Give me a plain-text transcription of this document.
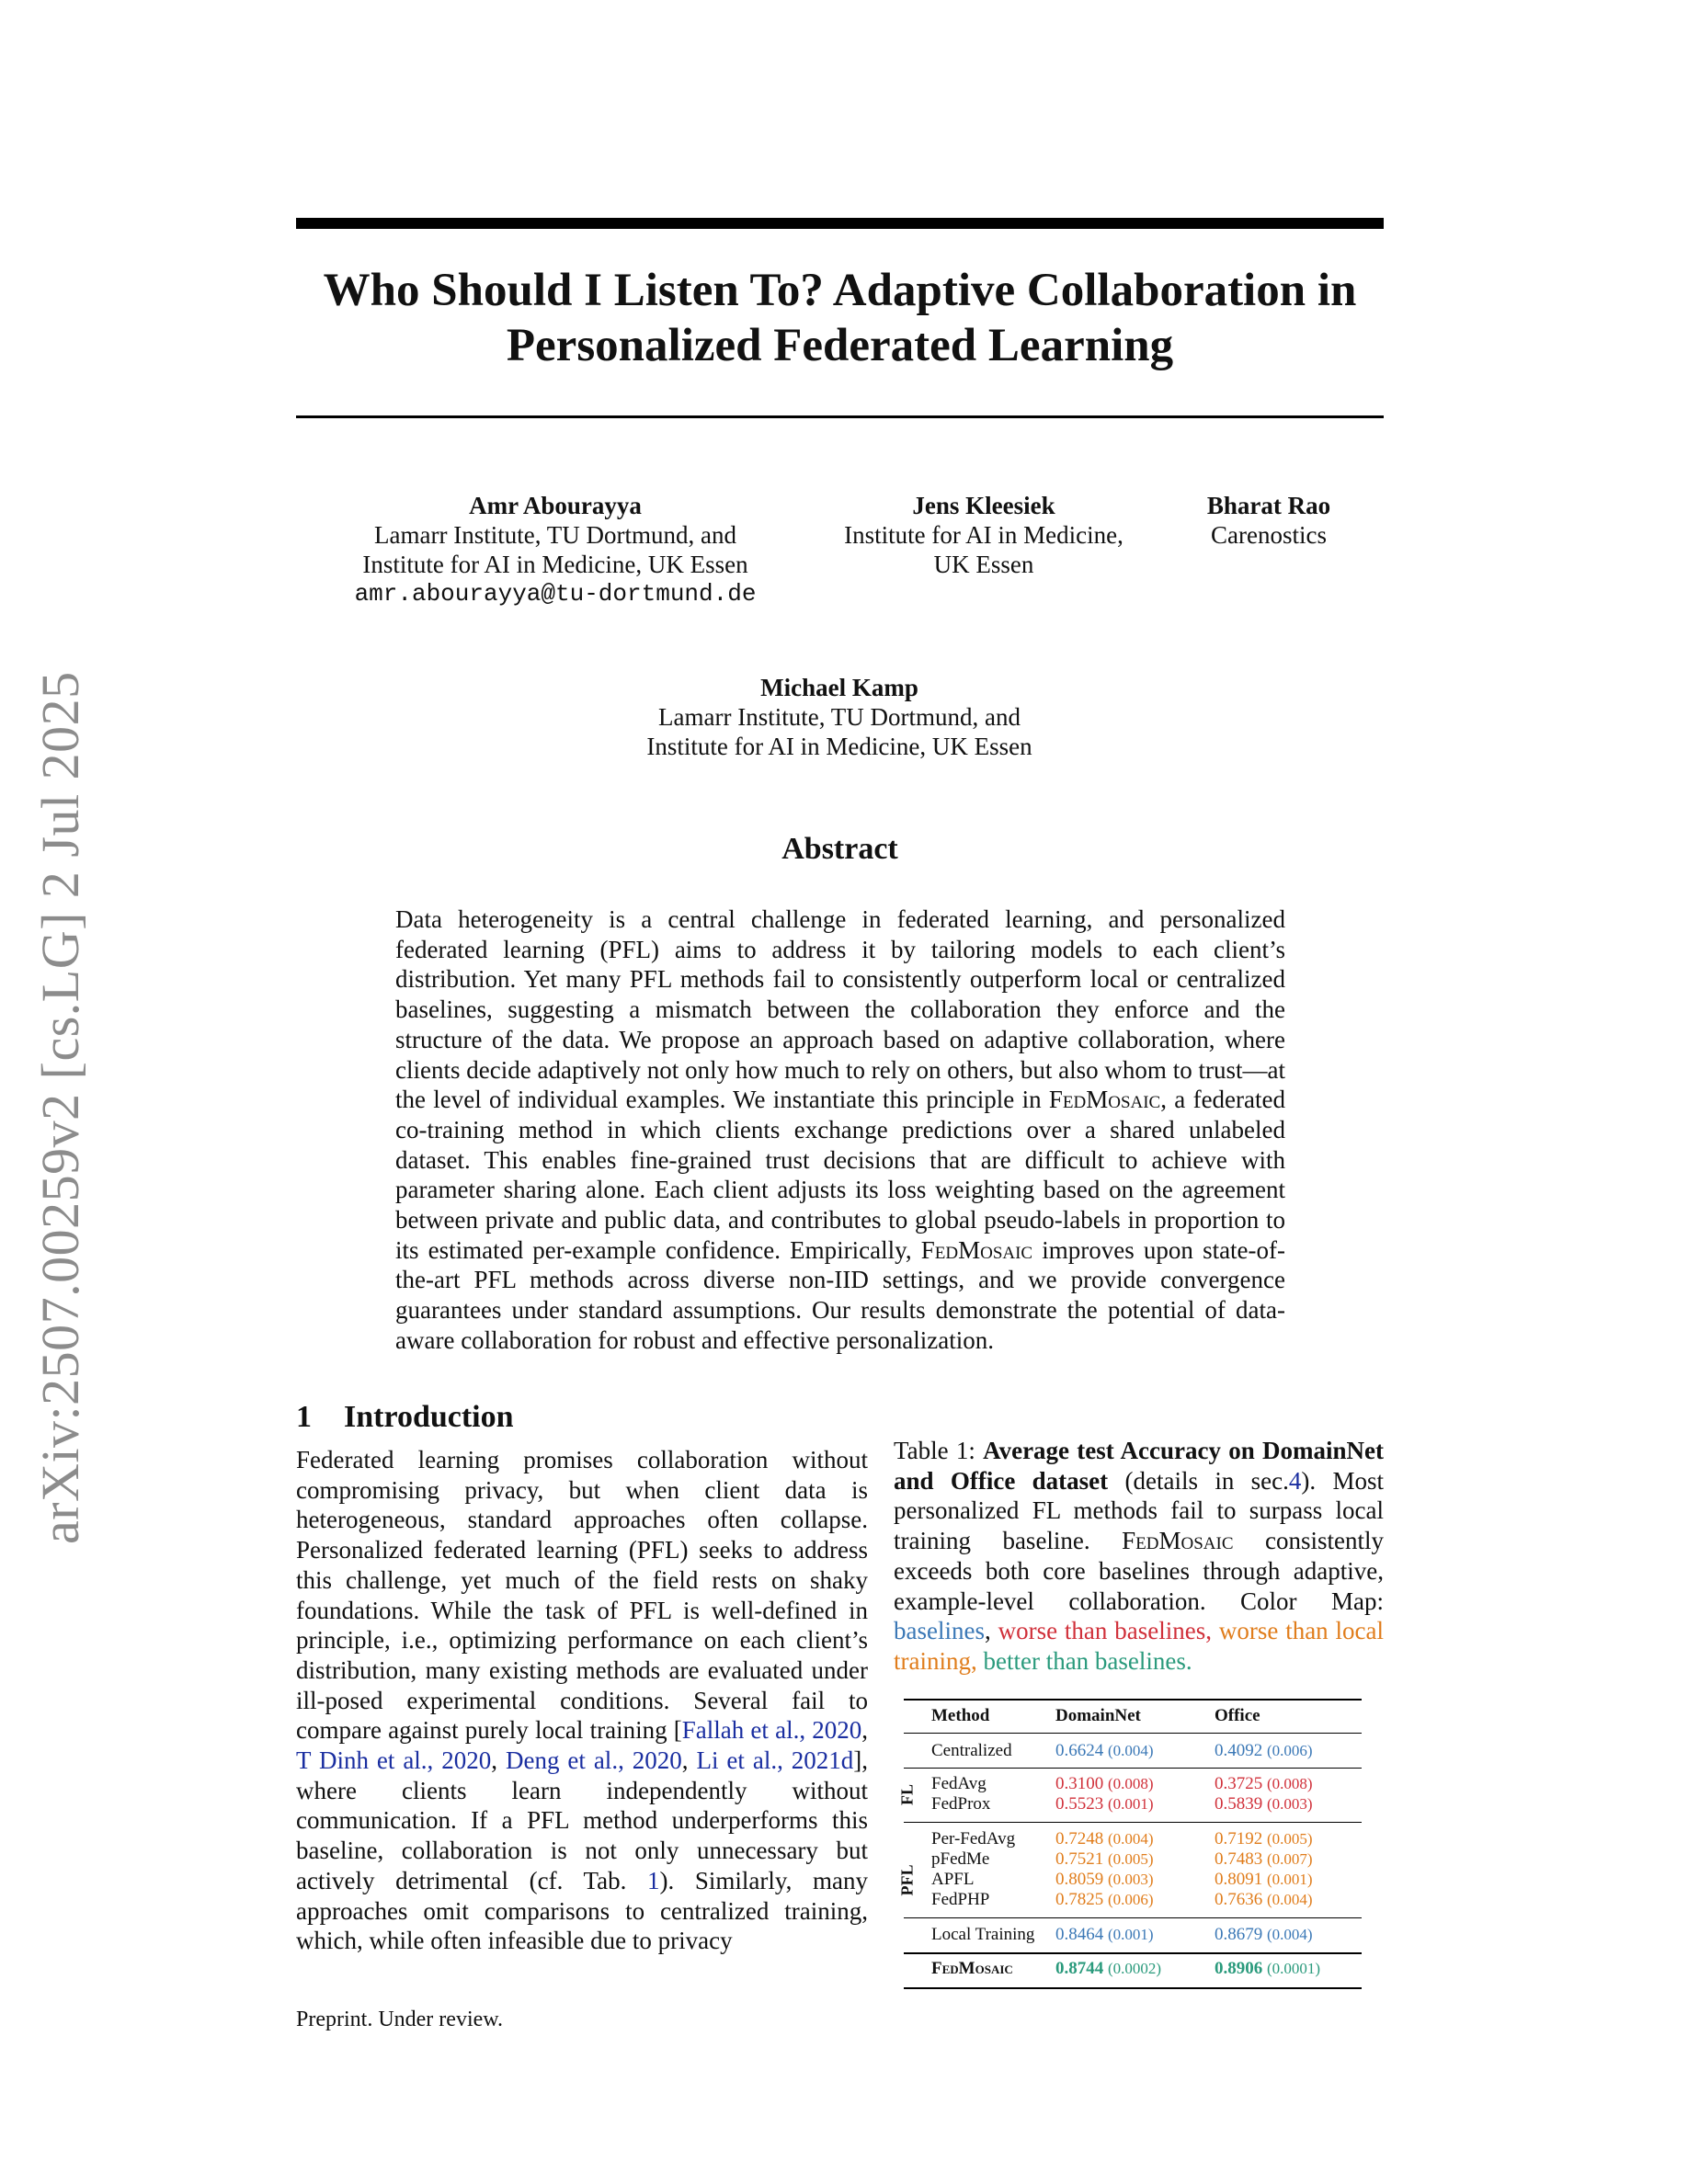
arXiv:2507.00259v2 [cs.LG] 2 Jul 2025
Who Should I Listen To? Adaptive Collaboration in
Personalized Federated Learning
Amr Abourayya
Lamarr Institute, TU Dortmund, and
Institute for AI in Medicine, UK Essen
amr.abourayya@tu-dortmund.de
Jens Kleesiek
Institute for AI in Medicine,
UK Essen
Bharat Rao
Carenostics
Michael Kamp
Lamarr Institute, TU Dortmund, and
Institute for AI in Medicine, UK Essen
Abstract
Data heterogeneity is a central challenge in federated learning, and personalized federated learning (PFL) aims to address it by tailoring models to each client’s distribution. Yet many PFL methods fail to consistently outperform local or centralized baselines, suggesting a mismatch between the collaboration they enforce and the structure of the data. We propose an approach based on adaptive collaboration, where clients decide adaptively not only how much to rely on others, but also whom to trust—at the level of individual examples. We instantiate this principle in FedMosaic, a federated co-training method in which clients exchange predictions over a shared unlabeled dataset. This enables fine-grained trust decisions that are difficult to achieve with parameter sharing alone. Each client adjusts its loss weighting based on the agreement between private and public data, and contributes to global pseudo-labels in proportion to its estimated per-example confidence. Empirically, FedMosaic improves upon state-of-the-art PFL methods across diverse non-IID settings, and we provide convergence guarantees under standard assumptions. Our results demonstrate the potential of data-aware collaboration for robust and effective personalization.
1 Introduction
Federated learning promises collaboration without compromising privacy, but when client data is heterogeneous, standard approaches often collapse. Personalized federated learning (PFL) seeks to address this challenge, yet much of the field rests on shaky foundations. While the task of PFL is well-defined in principle, i.e., optimizing performance on each client’s distribution, many existing methods are evaluated under ill-posed experimental conditions. Several fail to compare against purely local training [Fallah et al., 2020, T Dinh et al., 2020, Deng et al., 2020, Li et al., 2021d], where clients learn independently without communication. If a PFL method underperforms this baseline, collaboration is not only unnecessary but actively detrimental (cf. Tab. 1). Similarly, many approaches omit comparisons to centralized training, which, while often infeasible due to privacy
Table 1: Average test Accuracy on DomainNet and Office dataset (details in sec.4). Most personalized FL methods fail to surpass local training baseline. FedMosaic consistently exceeds both core baselines through adaptive, example-level collaboration. Color Map: baselines, worse than baselines, worse than local training, better than baselines.
Method	DomainNet	Office
Centralized 0.6624 (0.004)	0.4092 (0.006)
FL
FedAvg	0.3100 (0.008)	0.3725 (0.008)
FedProx	0.5523 (0.001)	0.5839 (0.003)
PFL
Per-FedAvg 0.7248 (0.004)	0.7192 (0.005)
pFedMe	0.7521 (0.005)	0.7483 (0.007)
APFL	0.8059 (0.003)	0.8091 (0.001)
FedPHP	0.7825 (0.006)	0.7636 (0.004)
Local Training 0.8464 (0.001)	0.8679 (0.004)
FedMosaic 0.8744 (0.0002)	0.8906 (0.0001)
Preprint. Under review.
